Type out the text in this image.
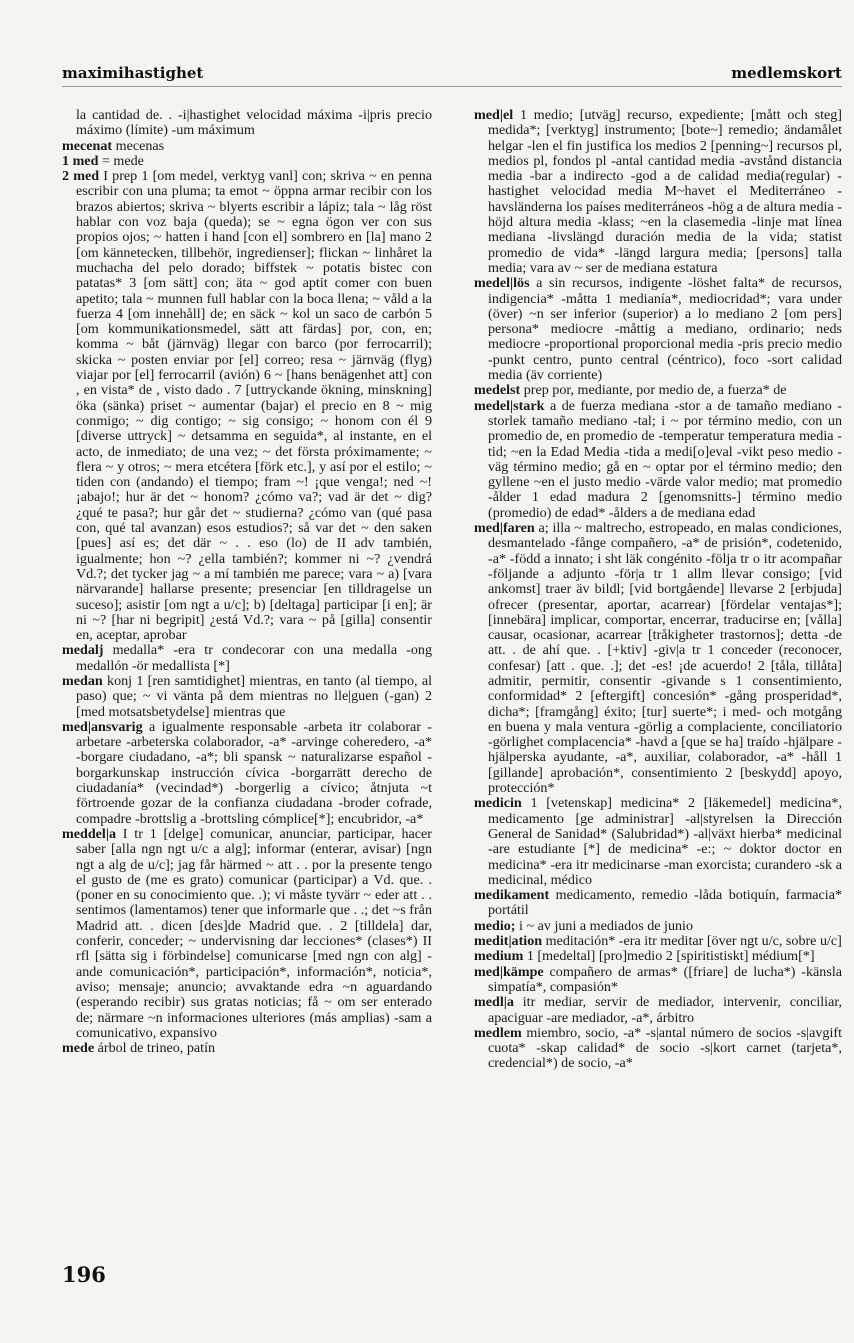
maximihastighet	medlemskort

la cantidad de. . -i|hastighet velocidad máxima -i|pris precio máximo (límite) -um máximum

mecenat mecenas

1 med = mede

2 med I prep 1 [om medel, verktyg vanl] con; skriva ~ en penna escribir con una pluma; ta emot ~ öppna armar recibir con los brazos abiertos; skriva ~ blyerts escribir a lápiz; tala ~ låg röst hablar con voz baja (queda); se ~ egna ögon ver con sus propios ojos; ~ hatten i hand [con el] sombrero en [la] mano 2 [om kännetecken, tillbehör, ingredienser]; flickan ~ linhåret la muchacha del pelo dorado; biffstek ~ potatis bistec con patatas* 3 [om sätt] con; äta ~ god aptit comer con buen apetito; tala ~ munnen full hablar con la boca llena; ~ våld a la fuerza 4 [om innehåll] de; en säck ~ kol un saco de carbón 5 [om kommunikationsmedel, sätt att färdas] por, con, en; komma ~ båt (järnväg) llegar con barco (por ferrocarril); skicka ~ posten enviar por [el] correo; resa ~ järnväg (flyg) viajar por [el] ferrocarril (avión) 6 ~ [hans benägenhet att] con , en vista* de , visto dado . 7 [uttryckande ökning, minskning] öka (sänka) priset ~ aumentar (bajar) el precio en 8 ~ mig conmigo; ~ dig contigo; ~ sig consigo; ~ honom con él 9 [diverse uttryck] ~ detsamma en seguida*, al instante, en el acto, de inmediato; de una vez; ~ det första próximamente; ~ flera ~ y otros; ~ mera etcétera [förk etc.], y así por el estilo; ~ tiden con (andando) el tiempo; fram ~! ¡que venga!; ned ~! ¡abajo!; hur är det ~ honom? ¿cómo va?; vad är det ~ dig? ¿qué te pasa?; hur går det ~ studierna? ¿cómo van (qué pasa con, qué tal avanzan) esos estudios?; så var det ~ den saken [pues] así es; det där ~ . . eso (lo) de II adv también, igualmente; hon ~? ¿ella también?; kommer ni ~? ¿vendrá Vd.?; det tycker jag ~ a mí también me parece; vara ~ a) [vara närvarande] hallarse presente; presenciar [en tilldragelse un suceso]; asistir [om ngt a u/c]; b) [deltaga] participar [i en]; är ni ~? [har ni begripit] ¿está Vd.?; vara ~ på [gilla] consentir en, aceptar, aprobar

medalj medalla* -era tr condecorar con una medalla -ong medallón -ör medallista [*]

medan konj 1 [ren samtidighet] mientras, en tanto (al tiempo, al paso) que; ~ vi vänta på dem mientras no lle|guen (-gan) 2 [med motsatsbetydelse] mientras que

med|ansvarig a igualmente responsable -arbeta itr colaborar -arbetare -arbeterska colaborador, -a* -arvinge coheredero, -a* -borgare ciudadano, -a*; bli spansk ~ naturalizarse español -borgarkunskap instrucción cívica -borgarrätt derecho de ciudadanía* (vecindad*) -borgerlig a cívico; åtnjuta ~t förtroende gozar de la confianza ciudadana -broder cofrade, compadre -brottslig a -brottsling cómplice[*]; encubridor, -a*

meddel|a I tr 1 [delge] comunicar, anunciar, participar, hacer saber [alla ngn ngt u/c a alg]; informar (enterar, avisar) [ngn ngt a alg de u/c]; jag får härmed ~ att . . por la presente tengo el gusto de (me es grato) comunicar (participar) a Vd. que. . (poner en su conocimiento que. .); vi måste tyvärr ~ eder att . . sentimos (lamentamos) tener que informarle que . .; det ~s från Madrid att. . dicen [des]de Madrid que. . 2 [tilldela] dar, conferir, conceder; ~ undervisning dar lecciones* (clases*) II rfl [sätta sig i förbindelse] comunicarse [med ngn con alg] -ande comunicación*, participación*, información*, noticia*, aviso; mensaje; anuncio; avvaktande edra ~n aguardando (esperando recibir) sus gratas noticias; få ~ om ser enterado de; närmare ~n informaciones ulteriores (más amplias) -sam a comunicativo, expansivo

mede árbol de trineo, patín

med|el 1 medio; [utväg] recurso, expediente; [mått och steg] medida*; [verktyg] instrumento; [bote~] remedio; ändamålet helgar -len el fin justifica los medios 2 [penning~] recursos pl, medios pl, fondos pl -antal cantidad media -avstånd distancia media -bar a indirecto -god a de calidad media(regular) -hastighet velocidad media M~havet el Mediterráneo -havsländerna los países mediterráneos -hög a de altura media -höjd altura media -klass; ~en la clasemedia -linje mat línea mediana -livslängd duración media de la vida; statist promedio de vida* -längd largura media; [persons] talla media; vara av ~ ser de mediana estatura

medel|lös a sin recursos, indigente -löshet falta* de recursos, indigencia* -måtta 1 medianía*, mediocridad*; vara under (över) ~n ser inferior (superior) a lo mediano 2 [om pers] persona* mediocre -måttig a mediano, ordinario; neds mediocre -proportional proporcional media -pris precio medio -punkt centro, punto central (céntrico), foco -sort calidad media (äv corriente)

medelst prep por, mediante, por medio de, a fuerza* de

medel|stark a de fuerza mediana -stor a de tamaño mediano -storlek tamaño mediano -tal; i ~ por término medio, con un promedio de, en promedio de -temperatur temperatura media -tid; ~en la Edad Media -tida a medi[o]eval -vikt peso medio -väg término medio; gå en ~ optar por el término medio; den gyllene ~en el justo medio -värde valor medio; mat promedio -ålder 1 edad madura 2 [genomsnitts-] término medio (promedio) de edad* -ålders a de mediana edad

med|faren a; illa ~ maltrecho, estropeado, en malas condiciones, desmantelado -fånge compañero, -a* de prisión*, codetenido, -a* -född a innato; i sht läk congénito -följa tr o itr acompañar -följande a adjunto -för|a tr 1 allm llevar consigo; [vid ankomst] traer äv bildl; [vid bortgående] llevarse 2 [erbjuda] ofrecer (presentar, aportar, acarrear) [fördelar ventajas*]; [innebära] implicar, comportar, encerrar, traducirse en; [vålla] causar, ocasionar, acarrear [tråkigheter trastornos]; detta -de att. . de ahí que. . [+ktiv] -giv|a tr 1 conceder (reconocer, confesar) [att . que. .]; det -es! ¡de acuerdo! 2 [tåla, tillåta] admitir, permitir, consentir -givande s 1 consentimiento, conformidad* 2 [eftergift] concesión* -gång prosperidad*, dicha*; [framgång] éxito; [tur] suerte*; i med- och motgång en buena y mala ventura -görlig a complaciente, conciliatorio -görlighet complacencia* -havd a [que se ha] traído -hjälpare -hjälperska ayudante, -a*, auxiliar, colaborador, -a* -håll 1 [gillande] aprobación*, consentimiento 2 [beskydd] apoyo, protección*

medicin 1 [vetenskap] medicina* 2 [läkemedel] medicina*, medicamento [ge administrar] -al|styrelsen la Dirección General de Sanidad* (Salubridad*) -al|växt hierba* medicinal -are estudiante [*] de medicina* -e:; ~ doktor doctor en medicina* -era itr medicinarse -man exorcista; curandero -sk a medicinal, médico

medikament medicamento, remedio -låda botiquín, farmacia* portátil

medio; i ~ av juni a mediados de junio

medit|ation meditación* -era itr meditar [över ngt u/c, sobre u/c]

medium 1 [medeltal] [pro]medio 2 [spiritistiskt] médium[*]

med|kämpe compañero de armas* ([friare] de lucha*) -känsla simpatía*, compasión*

medl|a itr mediar, servir de mediador, intervenir, conciliar, apaciguar -are mediador, -a*, árbitro

medlem miembro, socio, -a* -s|antal número de socios -s|avgift cuota* -skap calidad* de socio -s|kort carnet (tarjeta*, credencial*) de socio, -a*

196
